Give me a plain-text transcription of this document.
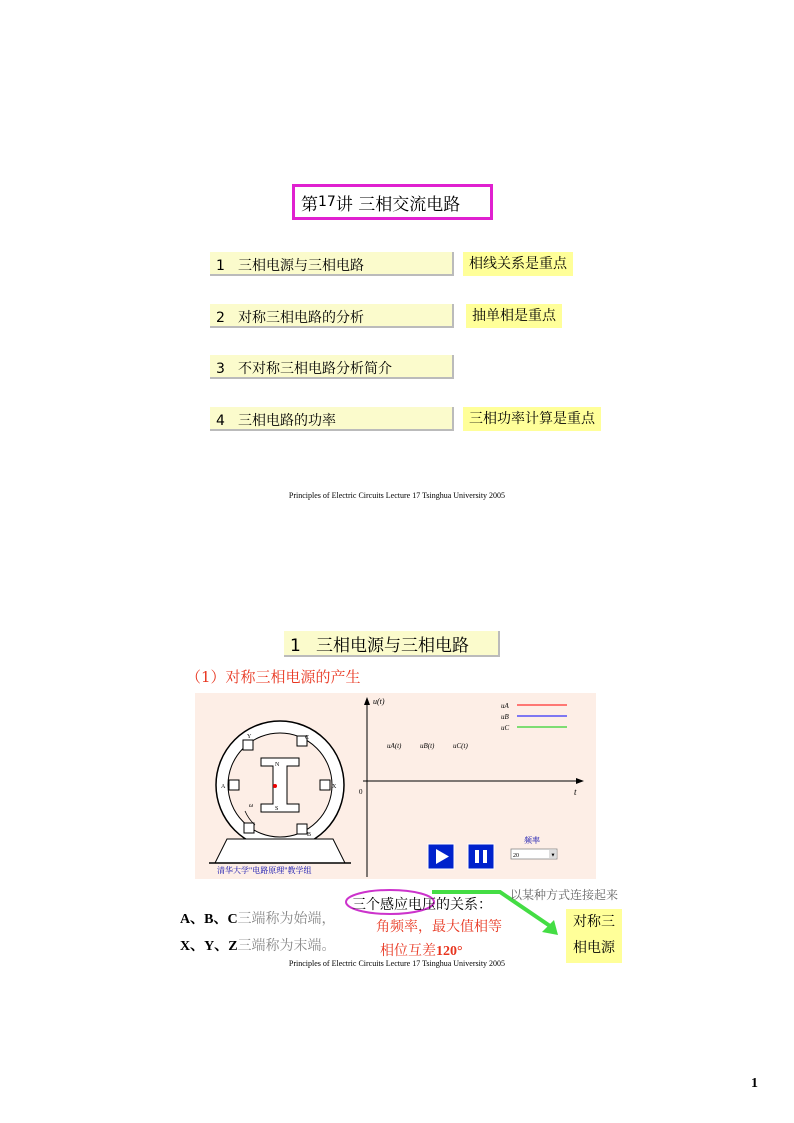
第$^{17}$讲 三相交流电路
1 三相电源与三相电路
2 对称三相电路的分析
3 不对称三相电路分析简介
4 三相电路的功率
相线关系是重点
抽单相是重点
三相功率计算是重点
Principles of Electric Circuits Lecture 17 Tsinghua University 2005
1 三相电源与三相电路
（1）对称三相电源的产生
Y	C
X
B
A
N
S
ω
清华大学"电路原理"教学组
u(t)
t
0
uA(t)	uB(t)	uC(t)
uA
uB
uC
频率
▼
20
以某种方式连接起来
A、B、C三端称为始端，
X、Y、Z三端称为末端。
三个感应电压的关系：
角频率，最大值相等
相位互差120°
对称三
相电源
Principles of Electric Circuits Lecture 17 Tsinghua University 2005
1
